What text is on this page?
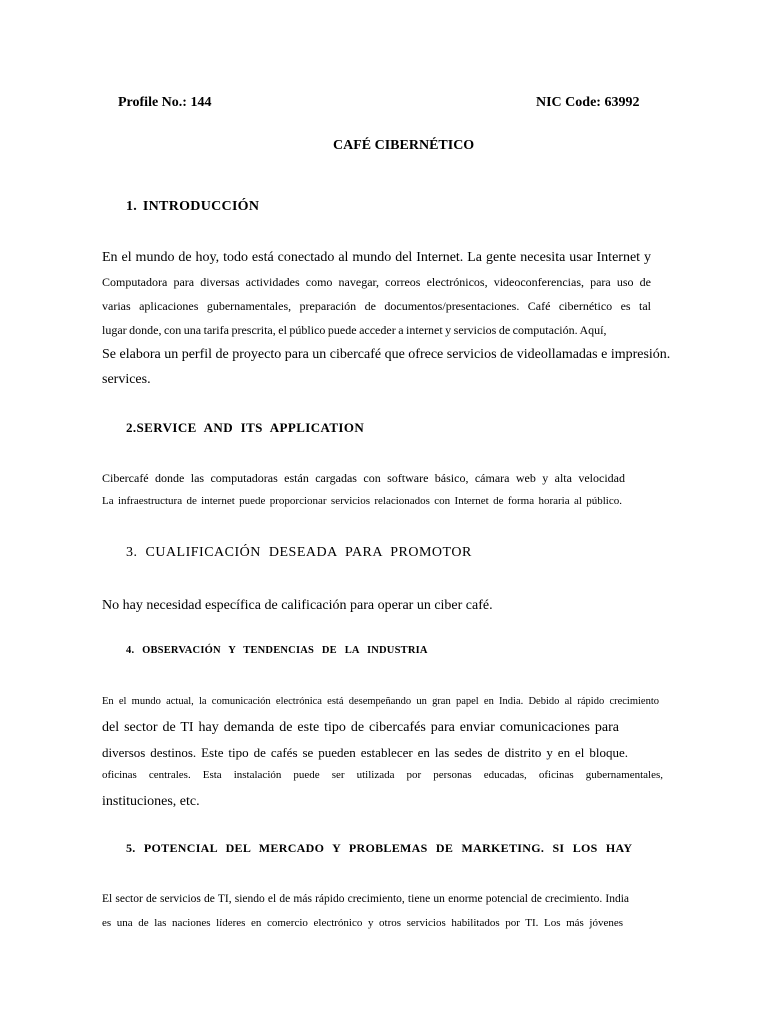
Profile No.: 144	NIC Code: 63992
CAFÉ CIBERNÉTICO
1. INTRODUCCIÓN
En el mundo de hoy, todo está conectado al mundo del Internet. La gente necesita usar Internet y
Computadora para diversas actividades como navegar, correos electrónicos, videoconferencias, para uso de
varias aplicaciones gubernamentales, preparación de documentos/presentaciones. Café cibernético es tal
lugar donde, con una tarifa prescrita, el público puede acceder a internet y servicios de computación. Aquí,
Se elabora un perfil de proyecto para un cibercafé que ofrece servicios de videollamadas e impresión.
services.
2.SERVICE AND ITS APPLICATION
Cibercafé donde las computadoras están cargadas con software básico, cámara web y alta velocidad
La infraestructura de internet puede proporcionar servicios relacionados con Internet de forma horaria al público.
3. CUALIFICACIÓN DESEADA PARA PROMOTOR
No hay necesidad específica de calificación para operar un ciber café.
4. OBSERVACIÓN Y TENDENCIAS DE LA INDUSTRIA
En el mundo actual, la comunicación electrónica está desempeñando un gran papel en India. Debido al rápido crecimiento
del sector de TI hay demanda de este tipo de cibercafés para enviar comunicaciones para
diversos destinos. Este tipo de cafés se pueden establecer en las sedes de distrito y en el bloque.
oficinas centrales. Esta instalación puede ser utilizada por personas educadas, oficinas gubernamentales,
instituciones, etc.
5. POTENCIAL DEL MERCADO Y PROBLEMAS DE MARKETING. SI LOS HAY
El sector de servicios de TI, siendo el de más rápido crecimiento, tiene un enorme potencial de crecimiento. India
es una de las naciones líderes en comercio electrónico y otros servicios habilitados por TI. Los más jóvenes
